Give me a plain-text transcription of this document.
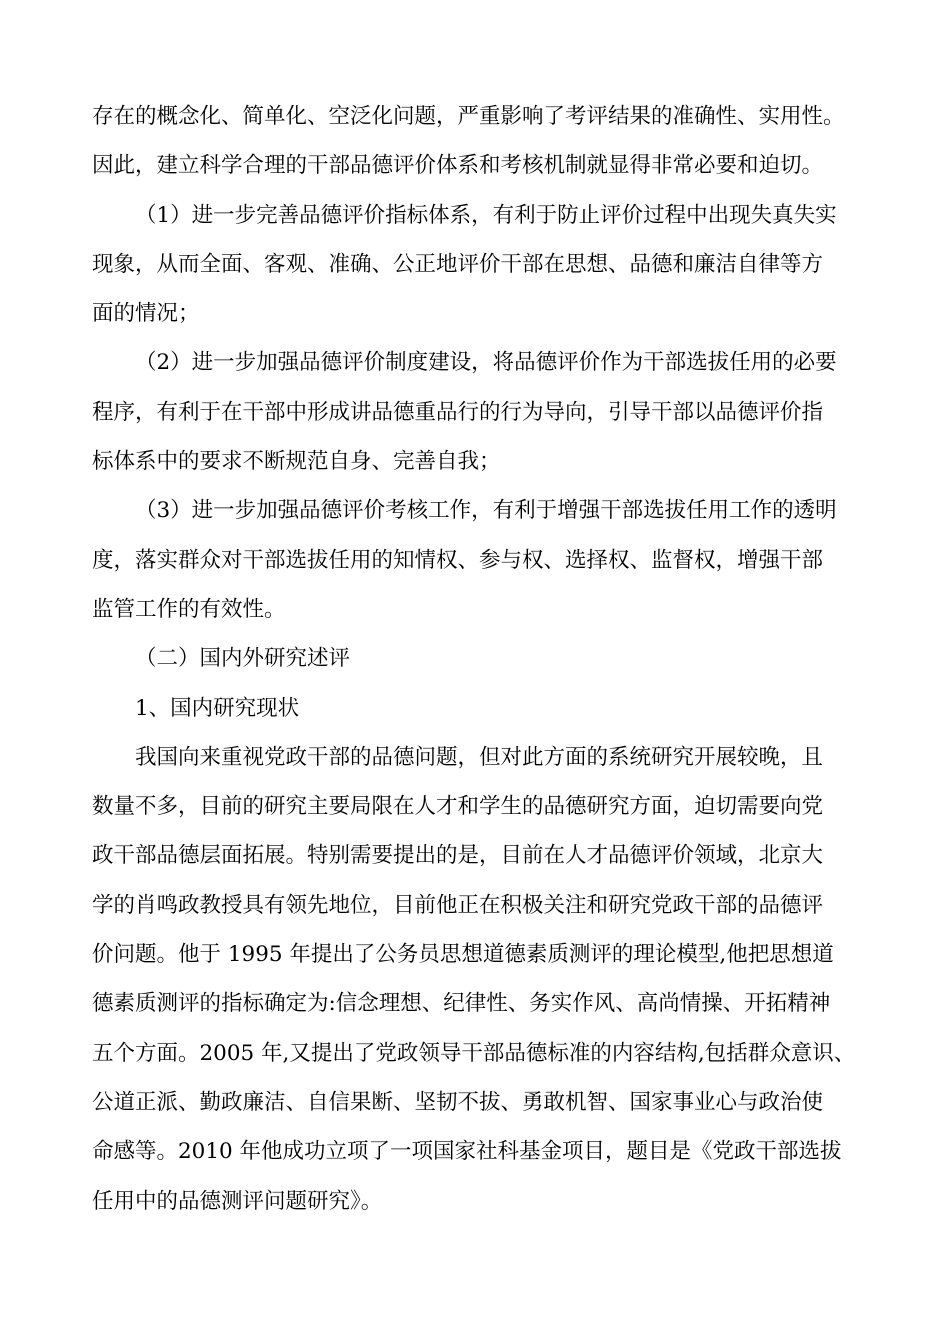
存在的概念化、简单化、空泛化问题，严重影响了考评结果的准确性、实用性。
因此，建立科学合理的干部品德评价体系和考核机制就显得非常必要和迫切。
（1）进一步完善品德评价指标体系，有利于防止评价过程中出现失真失实
现象，从而全面、客观、准确、公正地评价干部在思想、品德和廉洁自律等方
面的情况；
（2）进一步加强品德评价制度建设，将品德评价作为干部选拔任用的必要
程序，有利于在干部中形成讲品德重品行的行为导向，引导干部以品德评价指
标体系中的要求不断规范自身、完善自我；
（3）进一步加强品德评价考核工作，有利于增强干部选拔任用工作的透明
度，落实群众对干部选拔任用的知情权、参与权、选择权、监督权，增强干部
监管工作的有效性。
（二）国内外研究述评
1、国内研究现状
我国向来重视党政干部的品德问题，但对此方面的系统研究开展较晚，且
数量不多，目前的研究主要局限在人才和学生的品德研究方面，迫切需要向党
政干部品德层面拓展。特别需要提出的是，目前在人才品德评价领域，北京大
学的肖鸣政教授具有领先地位，目前他正在积极关注和研究党政干部的品德评
价问题。他于 1995 年提出了公务员思想道德素质测评的理论模型,他把思想道
德素质测评的指标确定为:信念理想、纪律性、务实作风、高尚情操、开拓精神
五个方面。2005 年,又提出了党政领导干部品德标准的内容结构,包括群众意识、
公道正派、勤政廉洁、自信果断、坚韧不拔、勇敢机智、国家事业心与政治使
命感等。2010 年他成功立项了一项国家社科基金项目，题目是《党政干部选拔
任用中的品德测评问题研究》。
